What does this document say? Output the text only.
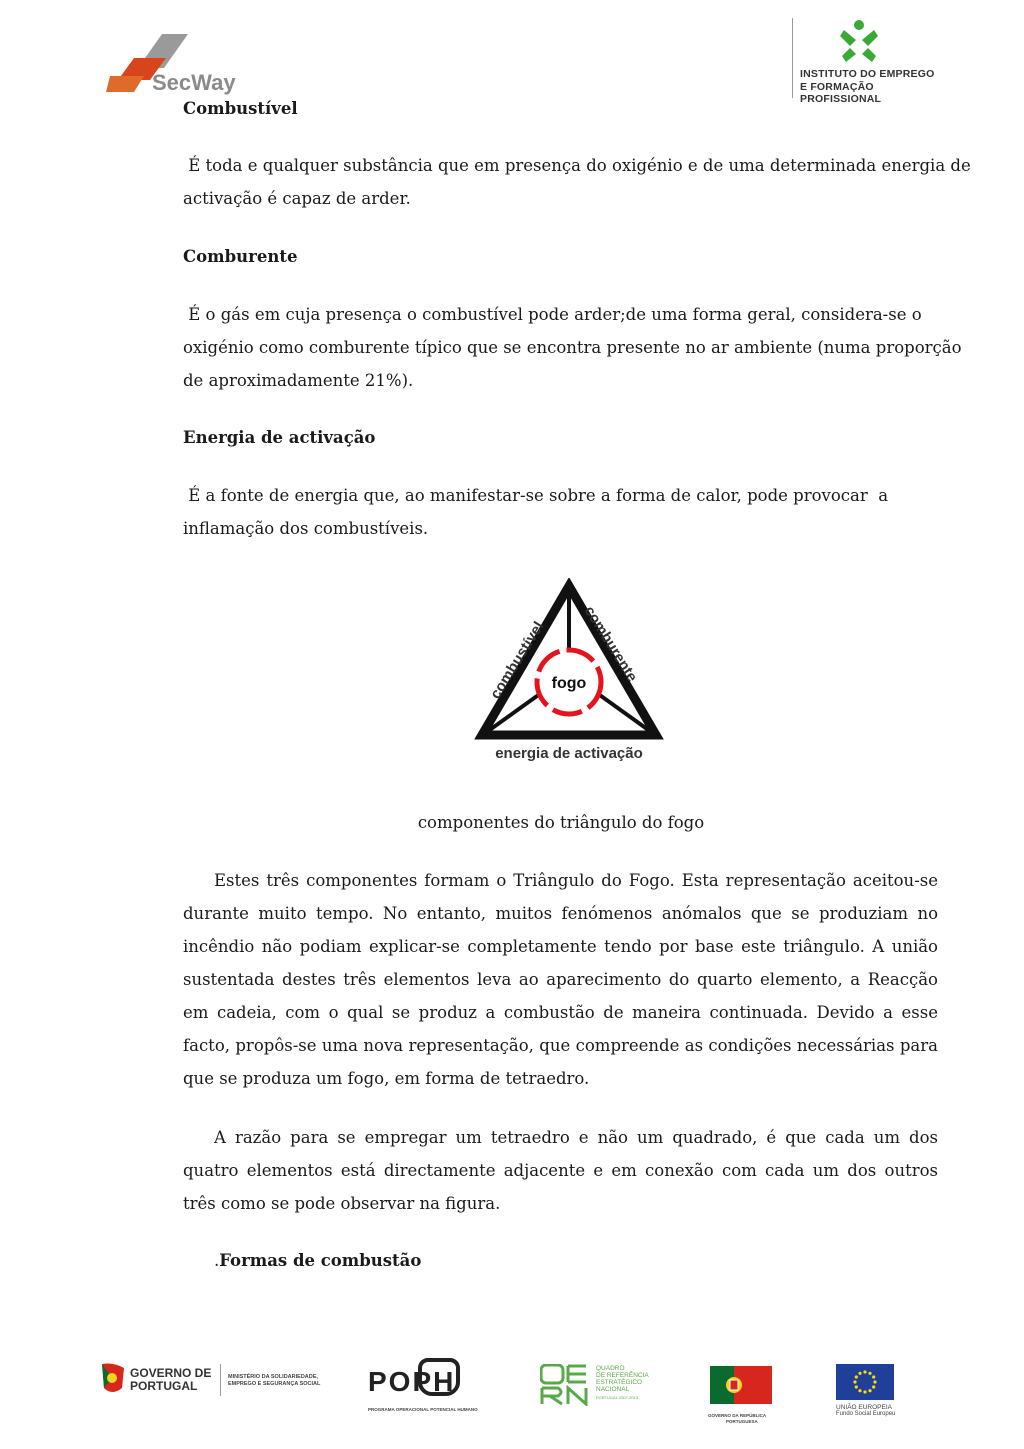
SecWay	INSTITUTO DO EMPREGO
E FORMAÇÃO PROFISSIONAL
Combustível
É toda e qualquer substância que em presença do oxigénio e de uma determinada energia de
activação é capaz de arder.
Comburente
É o gás em cuja presença o combustível pode arder;de uma forma geral, considera-se o
oxigénio como comburente típico que se encontra presente no ar ambiente (numa proporção
de aproximadamente 21%).
Energia de activação
É a fonte de energia que, ao manifestar-se sobre a forma de calor, pode provocar  a
inflamação dos combustíveis.
fogo
combustível
comburente
energia de activação
componentes do triângulo do fogo
Estes três componentes formam o Triângulo do Fogo. Esta representação aceitou-se durante muito tempo. No entanto, muitos fenómenos anómalos que se produziam no incêndio não podiam explicar-se completamente tendo por base este triângulo. A união sustentada destes três elementos leva ao aparecimento do quarto elemento, a Reacção em cadeia, com o qual se produz a combustão de maneira continuada. Devido a esse facto, propôs-se uma nova representação, que compreende as condições necessárias para que se produza um fogo, em forma de tetraedro.
A razão para se empregar um tetraedro e não um quadrado, é que cada um dos quatro elementos está directamente adjacente e em conexão com cada um dos outros três como se pode observar na figura.
.Formas de combustão
GOVERNO DE
PORTUGAL
MINISTÉRIO DA SOLIDARIEDADE,
EMPREGO E SEGURANÇA SOCIAL POPH
PROGRAMA OPERACIONAL POTENCIAL HUMANO
QUADRO
DE REFERÊNCIA
ESTRATÉGICO
NACIONAL
PORTUGAL 2007-2013
GOVERNO DA REPÚBLICA
PORTUGUESA
UNIÃO EUROPEIA
Fundo Social Europeu
